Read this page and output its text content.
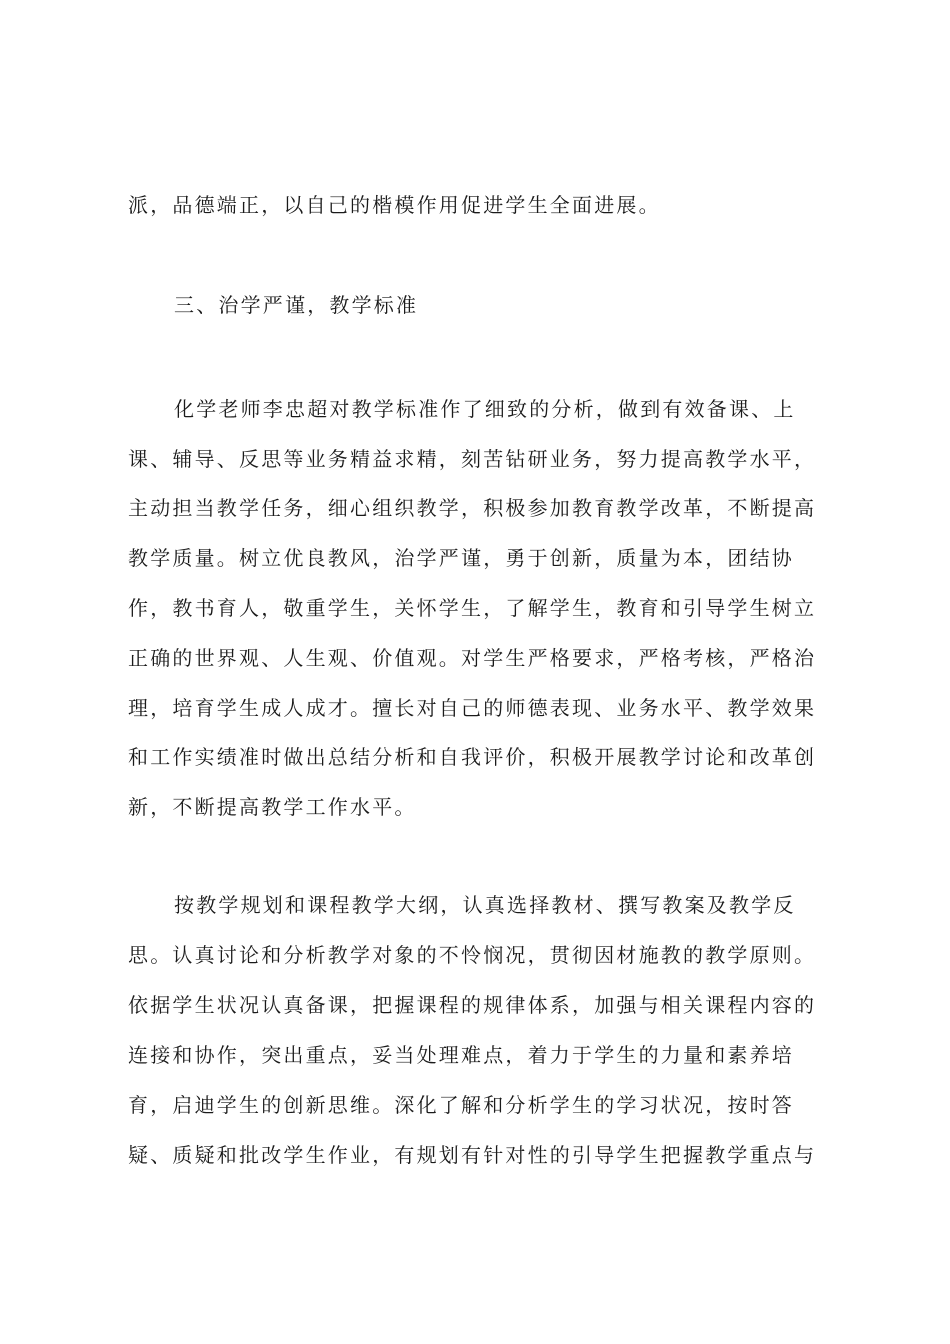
派，品德端正，以自己的楷模作用促进学生全面进展。
三、治学严谨，教学标准
化学老师李忠超对教学标准作了细致的分析，做到有效备课、上
课、辅导、反思等业务精益求精，刻苦钻研业务，努力提高教学水平，
主动担当教学任务，细心组织教学，积极参加教育教学改革，不断提高
教学质量。树立优良教风，治学严谨，勇于创新，质量为本，团结协
作，教书育人，敬重学生，关怀学生，了解学生，教育和引导学生树立
正确的世界观、人生观、价值观。对学生严格要求，严格考核，严格治
理，培育学生成人成才。擅长对自己的师德表现、业务水平、教学效果
和工作实绩准时做出总结分析和自我评价，积极开展教学讨论和改革创
新，不断提高教学工作水平。
按教学规划和课程教学大纲，认真选择教材、撰写教案及教学反
思。认真讨论和分析教学对象的不怜悯况，贯彻因材施教的教学原则。
依据学生状况认真备课，把握课程的规律体系，加强与相关课程内容的
连接和协作，突出重点，妥当处理难点，着力于学生的力量和素养培
育，启迪学生的创新思维。深化了解和分析学生的学习状况，按时答
疑、质疑和批改学生作业，有规划有针对性的引导学生把握教学重点与
